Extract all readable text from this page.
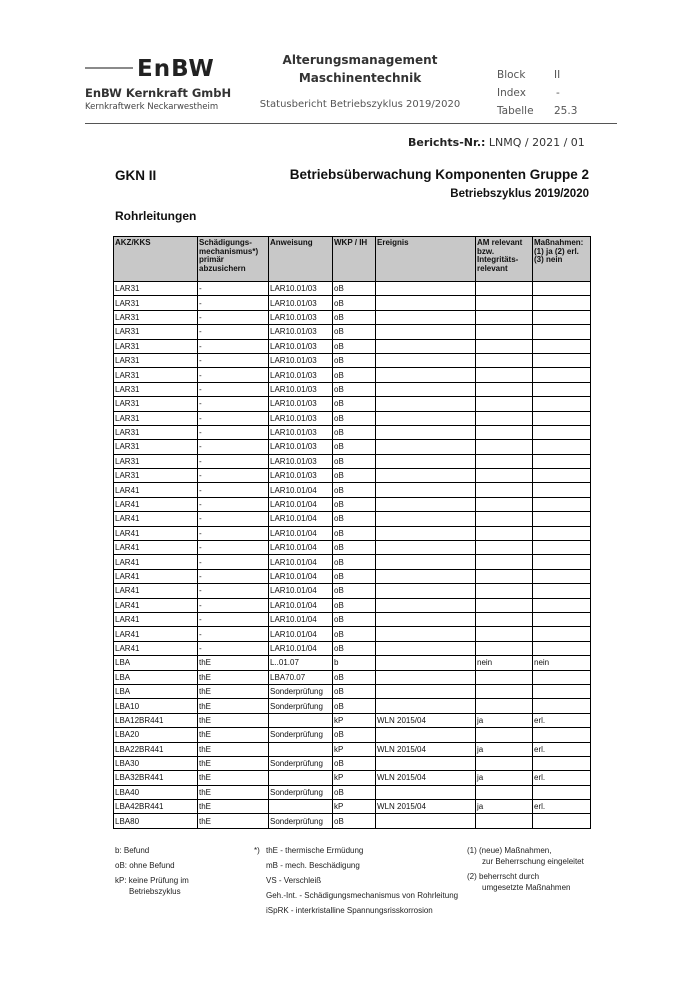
EnBW
EnBW Kernkraft GmbH
Kernkraftwerk Neckarwestheim
Alterungsmanagement
Maschinentechnik
Statusbericht Betriebszyklus 2019/2020
Block	II
Index	-
Tabelle 25.3
Berichts-Nr.: LNMQ / 2021 / 01
GKN II	Betriebsüberwachung Komponenten Gruppe 2
Betriebszyklus 2019/2020
Rohrleitungen
AKZ/KKS	Schädigungs-mechanismus*) primär abzusichern	Anweisung	WKP / IH	Ereignis	AM relevant bzw. Integritäts-relevant	Maßnahmen: (1) ja (2) erl. (3) nein
LAR31	-	LAR10.01/03	oB			
LAR31	-	LAR10.01/03	oB			
LAR31	-	LAR10.01/03	oB			
LAR31	-	LAR10.01/03	oB			
LAR31	-	LAR10.01/03	oB			
LAR31	-	LAR10.01/03	oB			
LAR31	-	LAR10.01/03	oB			
LAR31	-	LAR10.01/03	oB			
LAR31	-	LAR10.01/03	oB			
LAR31	-	LAR10.01/03	oB			
LAR31	-	LAR10.01/03	oB			
LAR31	-	LAR10.01/03	oB			
LAR31	-	LAR10.01/03	oB			
LAR31	-	LAR10.01/03	oB			
LAR41	-	LAR10.01/04	oB			
LAR41	-	LAR10.01/04	oB			
LAR41	-	LAR10.01/04	oB			
LAR41	-	LAR10.01/04	oB			
LAR41	-	LAR10.01/04	oB			
LAR41	-	LAR10.01/04	oB			
LAR41	-	LAR10.01/04	oB			
LAR41	-	LAR10.01/04	oB			
LAR41	-	LAR10.01/04	oB			
LAR41	-	LAR10.01/04	oB			
LAR41	-	LAR10.01/04	oB			
LAR41	-	LAR10.01/04	oB			
LBA	thE	L..01.07	b		nein	nein
LBA	thE	LBA70.07	oB			
LBA	thE	Sonderprüfung	oB			
LBA10	thE	Sonderprüfung	oB			
LBA12BR441	thE		kP	WLN 2015/04	ja	erl.
LBA20	thE	Sonderprüfung	oB			
LBA22BR441	thE		kP	WLN 2015/04	ja	erl.
LBA30	thE	Sonderprüfung	oB			
LBA32BR441	thE		kP	WLN 2015/04	ja	erl.
LBA40	thE	Sonderprüfung	oB			
LBA42BR441	thE		kP	WLN 2015/04	ja	erl.
LBA80	thE	Sonderprüfung	oB			
b: Befund
oB: ohne Befund
kP: keine Prüfung im
Betriebszyklus
*) thE - thermische Ermüdung
mB - mech. Beschädigung
VS - Verschleiß
Geh.-Int. - Schädigungsmechanismus von Rohrleitung
iSpRK - interkristalline Spannungsrisskorrosion
(1) (neue) Maßnahmen,
zur Beherrschung eingeleitet
(2) beherrscht durch
umgesetzte Maßnahmen
